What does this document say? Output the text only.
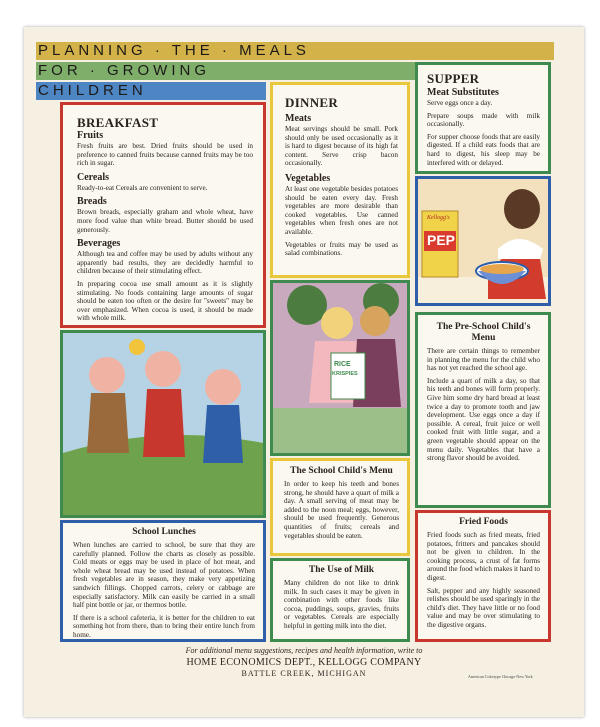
PLANNING · THE · MEALS
FOR · GROWING
CHILDREN
BREAKFAST
Fruits

Fresh fruits are best. Dried fruits should be used in preference to canned fruits because canned fruits may be too rich in sugar.

Cereals

Ready-to-eat Cereals are convenient to serve.

Breads

Brown breads, especially graham and whole wheat, have more food value than white bread. Butter should be used generously.

Beverages

Although tea and coffee may be used by adults without any apparently bad results, they are decidedly harmful to children because of their stimulating effect.

In preparing cocoa use small amount as it is slightly stimulating. No foods containing large amounts of sugar should be eaten too often or the desire for "sweets" may be over emphasized. When cocoa is used, it should be made with whole milk.

DINNER
Meats

Meat servings should be small. Pork should only be used occasionally as it is hard to digest because of its high fat content. Serve crisp bacon occasionally.

Vegetables

At least one vegetable besides potatoes should be eaten every day. Fresh vegetables are more desirable than cooked vegetables. Use canned vegetables when fresh ones are not available.

Vegetables or fruits may be used as salad combinations.

SUPPER
Meat Substitutes

Serve eggs once a day.

Prepare soups made with milk occasionally.

For supper choose foods that are easily digested. If a child eats foods that are hard to digest, his sleep may be interfered with or delayed.

Kellogg's
PEP
RICE
KRISPIES
The Pre-School Child's Menu

There are certain things to remember in planning the menu for the child who has not yet reached the school age.

Include a quart of milk a day, so that his teeth and bones will form properly. Give him some dry hard bread at least twice a day to promote tooth and jaw development. Use eggs once a day if possible. A cereal, fruit juice or well cooked fruit with little sugar, and a green vegetable should appear on the menu daily. Vegetables that have a strong flavor should be avoided.

The School Child's Menu

In order to keep his teeth and bones strong, he should have a quart of milk a day. A small serving of meat may be added to the noon meal; eggs, however, should be used frequently. Generous quantities of fruits; cereals and vegetables should be eaten.

School Lunches

When lunches are carried to school, be sure that they are carefully planned. Follow the charts as closely as possible. Cold meats or eggs may be used in place of hot meat, and whole wheat bread may be used instead of potatoes. When fresh vegetables are in season, they make very appetizing sandwich fillings. Chopped carrots, celery or cabbage are especially satisfactory. Milk can easily be carried in a small half pint bottle or jar, or thermos bottle.

If there is a school cafeteria, it is better for the children to eat something hot from there, than to bring their entire lunch from home.

The Use of Milk

Many children do not like to drink milk. In such cases it may be given in combination with other foods like cocoa, puddings, soups, gravies, fruits or vegetables. Cereals are especially helpful in getting milk into the diet.

Fried Foods

Fried foods such as fried meats, fried potatoes, fritters and pancakes should not be given to children. In the cooking process, a crust of fat forms around the food which makes it hard to digest.

Salt, pepper and any highly seasoned relishes should be used sparingly in the child's diet. They have little or no food value and may be over stimulating to the digestive organs.

For additional menu suggestions, recipes and health information, write to
HOME ECONOMICS DEPT., KELLOGG COMPANY
BATTLE CREEK, MICHIGAN	American Colortype Chicago-New York
